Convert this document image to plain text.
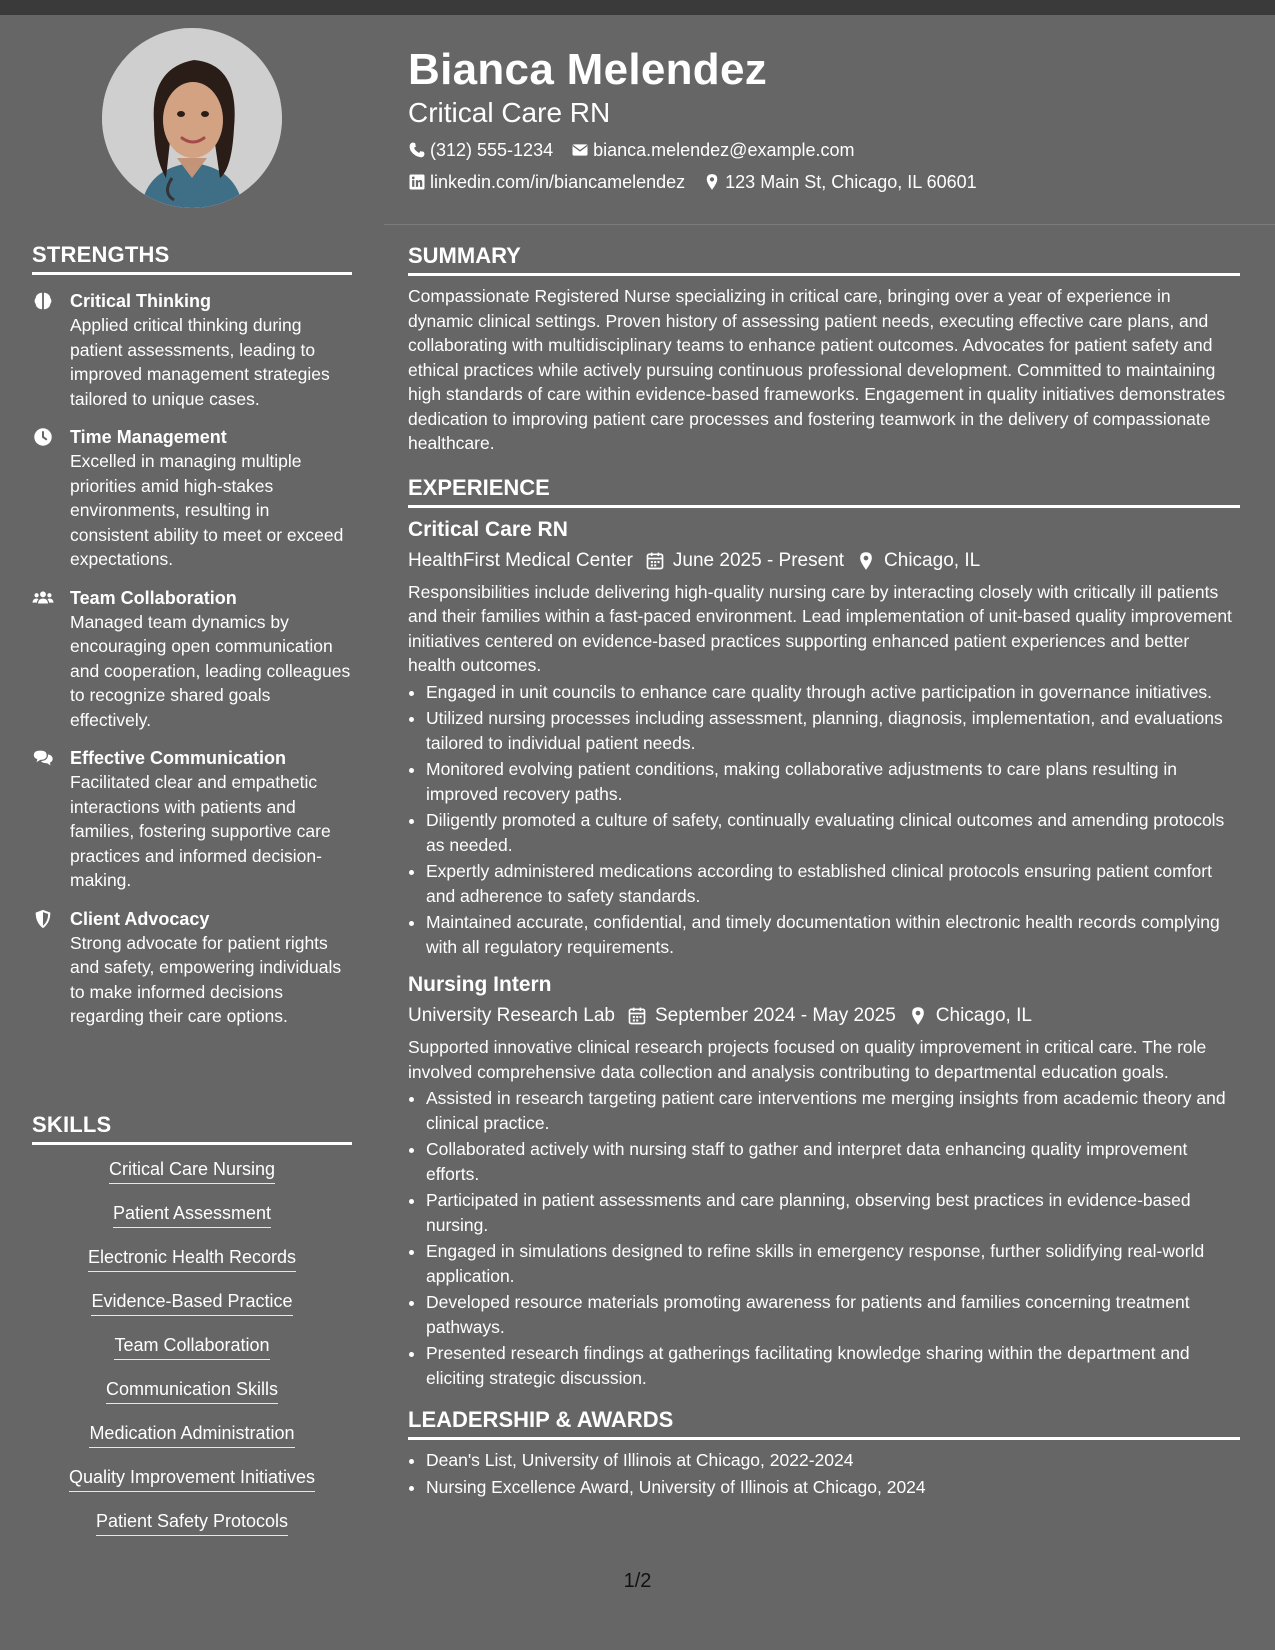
STRENGTHS
Critical Thinking
Applied critical thinking during patient assessments, leading to improved management strategies tailored to unique cases.
Time Management
Excelled in managing multiple priorities amid high-stakes environments, resulting in consistent ability to meet or exceed expectations.
Team Collaboration
Managed team dynamics by encouraging open communication and cooperation, leading colleagues to recognize shared goals effectively.
Effective Communication
Facilitated clear and empathetic interactions with patients and families, fostering supportive care practices and informed decision-making.
Client Advocacy
Strong advocate for patient rights and safety, empowering individuals to make informed decisions regarding their care options.
SKILLS
Critical Care Nursing
Patient Assessment
Electronic Health Records
Evidence-Based Practice
Team Collaboration
Communication Skills
Medication Administration
Quality Improvement Initiatives
Patient Safety Protocols
Bianca Melendez
Critical Care RN
(312) 555-1234 bianca.melendez@example.com
linkedin.com/in/biancamelendez 123 Main St, Chicago, IL 60601
SUMMARY
Compassionate Registered Nurse specializing in critical care, bringing over a year of experience in dynamic clinical settings. Proven history of assessing patient needs, executing effective care plans, and collaborating with multidisciplinary teams to enhance patient outcomes. Advocates for patient safety and ethical practices while actively pursuing continuous professional development. Committed to maintaining high standards of care within evidence-based frameworks. Engagement in quality initiatives demonstrates dedication to improving patient care processes and fostering teamwork in the delivery of compassionate healthcare.
EXPERIENCE
Critical Care RN
HealthFirst Medical Center June 2025 - Present Chicago, IL
Responsibilities include delivering high-quality nursing care by interacting closely with critically ill patients and their families within a fast-paced environment. Lead implementation of unit-based quality improvement initiatives centered on evidence-based practices supporting enhanced patient experiences and better health outcomes.
• Engaged in unit councils to enhance care quality through active participation in governance initiatives.
• Utilized nursing processes including assessment, planning, diagnosis, implementation, and evaluations tailored to individual patient needs.
• Monitored evolving patient conditions, making collaborative adjustments to care plans resulting in improved recovery paths.
• Diligently promoted a culture of safety, continually evaluating clinical outcomes and amending protocols as needed.
• Expertly administered medications according to established clinical protocols ensuring patient comfort and adherence to safety standards.
• Maintained accurate, confidential, and timely documentation within electronic health records complying with all regulatory requirements.
Nursing Intern
University Research Lab September 2024 - May 2025 Chicago, IL
Supported innovative clinical research projects focused on quality improvement in critical care. The role involved comprehensive data collection and analysis contributing to departmental education goals.
• Assisted in research targeting patient care interventions me merging insights from academic theory and clinical practice.
• Collaborated actively with nursing staff to gather and interpret data enhancing quality improvement efforts.
• Participated in patient assessments and care planning, observing best practices in evidence-based nursing.
• Engaged in simulations designed to refine skills in emergency response, further solidifying real-world application.
• Developed resource materials promoting awareness for patients and families concerning treatment pathways.
• Presented research findings at gatherings facilitating knowledge sharing within the department and eliciting strategic discussion.
LEADERSHIP & AWARDS
• Dean's List, University of Illinois at Chicago, 2022-2024
• Nursing Excellence Award, University of Illinois at Chicago, 2024
1/2
